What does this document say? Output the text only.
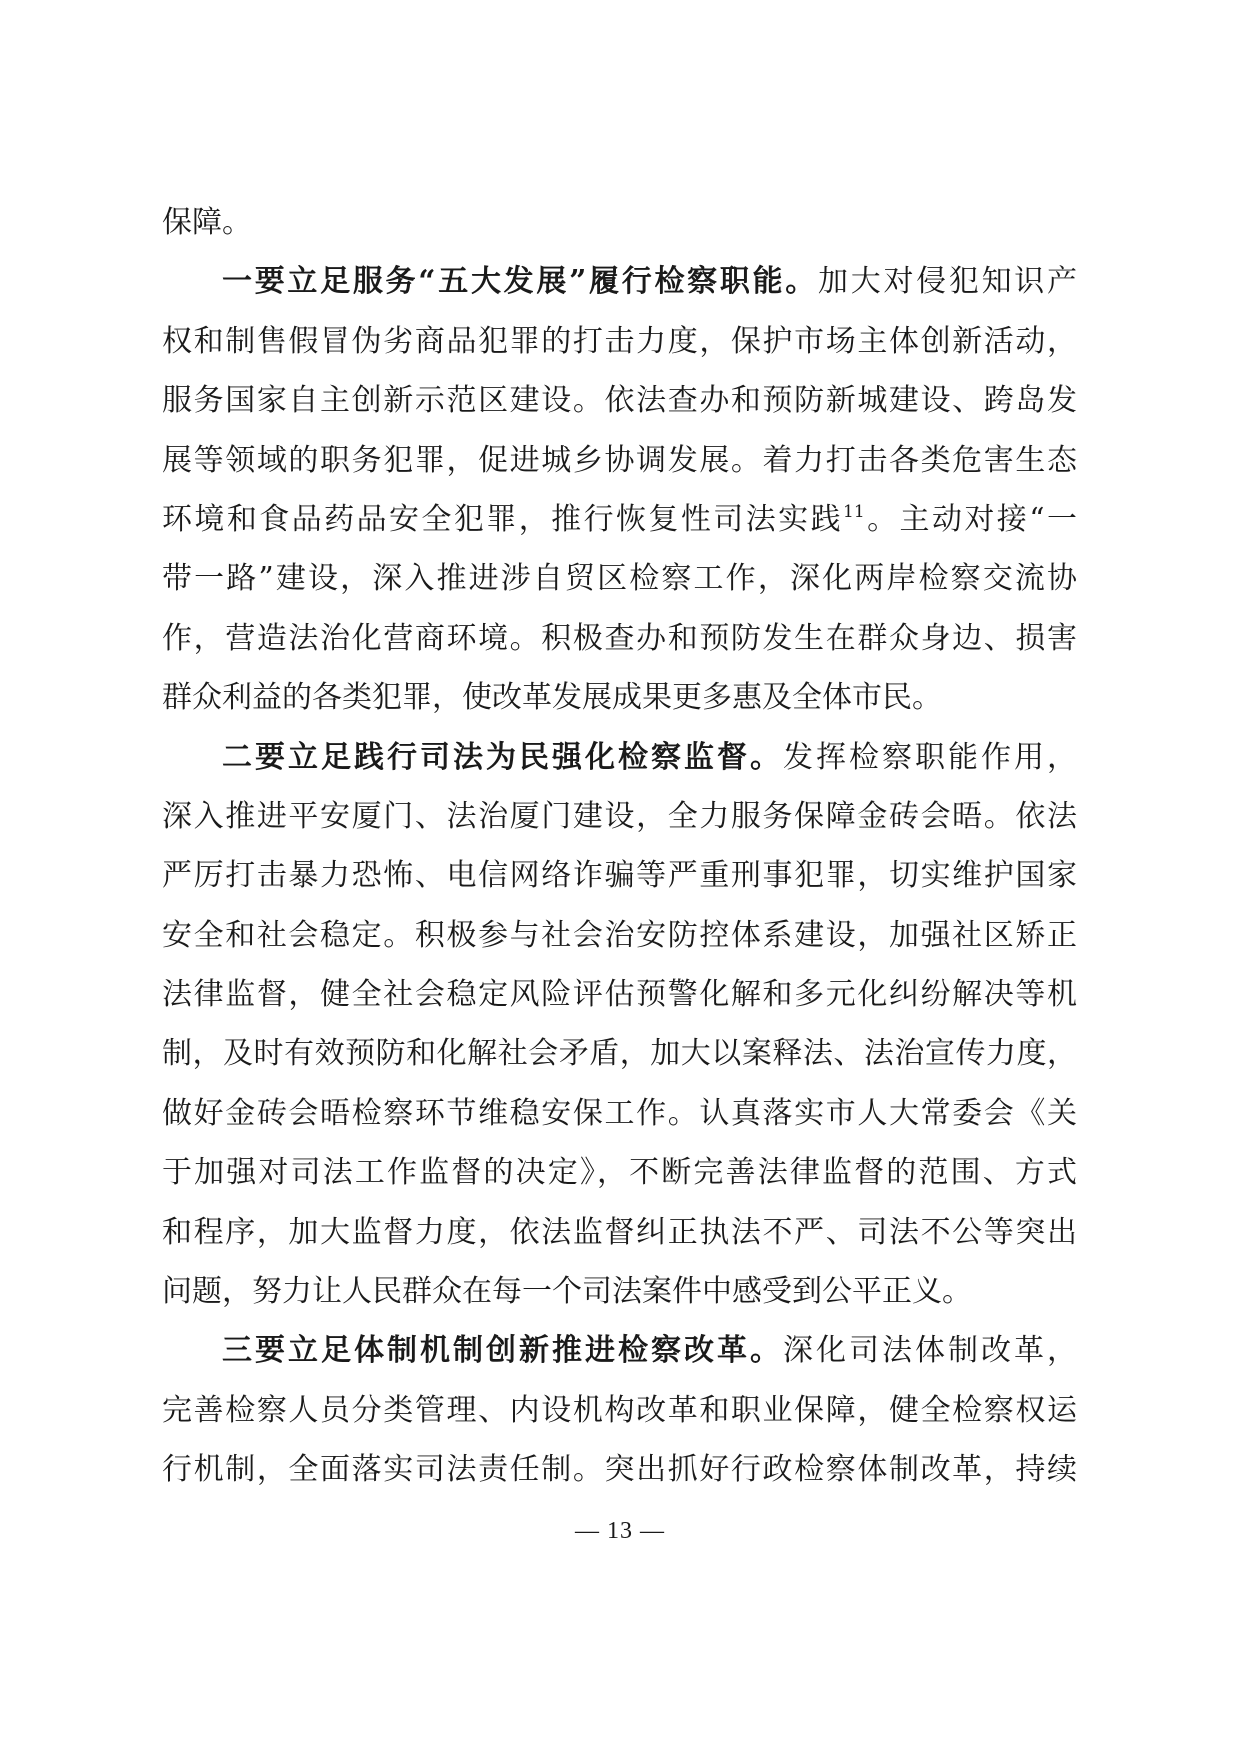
保障。
一要立足服务“五大发展”履行检察职能。加大对侵犯知识产
权和制售假冒伪劣商品犯罪的打击力度，保护市场主体创新活动，
服务国家自主创新示范区建设。依法查办和预防新城建设、跨岛发
展等领域的职务犯罪，促进城乡协调发展。着力打击各类危害生态
环境和食品药品安全犯罪，推行恢复性司法实践$^{11}$。主动对接“一
带一路”建设，深入推进涉自贸区检察工作，深化两岸检察交流协
作，营造法治化营商环境。积极查办和预防发生在群众身边、损害
群众利益的各类犯罪，使改革发展成果更多惠及全体市民。
二要立足践行司法为民强化检察监督。发挥检察职能作用，
深入推进平安厦门、法治厦门建设，全力服务保障金砖会晤。依法
严厉打击暴力恐怖、电信网络诈骗等严重刑事犯罪，切实维护国家
安全和社会稳定。积极参与社会治安防控体系建设，加强社区矫正
法律监督，健全社会稳定风险评估预警化解和多元化纠纷解决等机
制，及时有效预防和化解社会矛盾，加大以案释法、法治宣传力度，
做好金砖会晤检察环节维稳安保工作。认真落实市人大常委会《关
于加强对司法工作监督的决定》，不断完善法律监督的范围、方式
和程序，加大监督力度，依法监督纠正执法不严、司法不公等突出
问题，努力让人民群众在每一个司法案件中感受到公平正义。
三要立足体制机制创新推进检察改革。深化司法体制改革，
完善检察人员分类管理、内设机构改革和职业保障，健全检察权运
行机制，全面落实司法责任制。突出抓好行政检察体制改革，持续
— 13 —
